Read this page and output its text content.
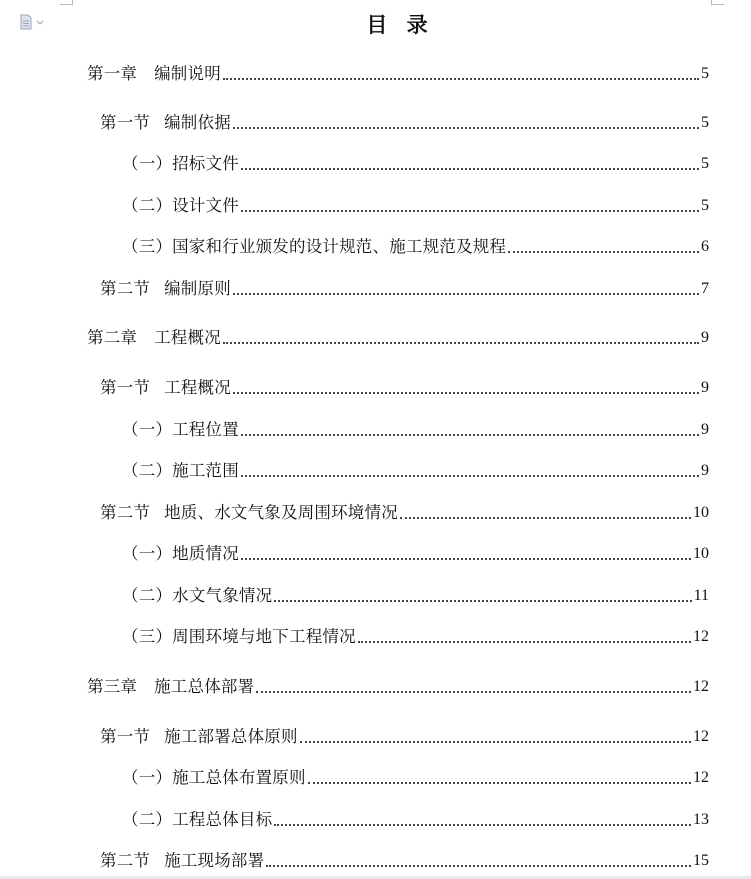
目 录
第一章 编制说明	5
第一节 编制依据	5
（一）招标文件	5
（二）设计文件	5
（三）国家和行业颁发的设计规范、施工规范及规程	6
第二节 编制原则	7
第二章 工程概况	9
第一节 工程概况	9
（一）工程位置	9
（二）施工范围	9
第二节 地质、水文气象及周围环境情况	10
（一）地质情况	10
（二）水文气象情况	11
（三）周围环境与地下工程情况	12
第三章 施工总体部署	12
第一节 施工部署总体原则	12
（一）施工总体布置原则	12
（二）工程总体目标	13
第二节 施工现场部署	15
